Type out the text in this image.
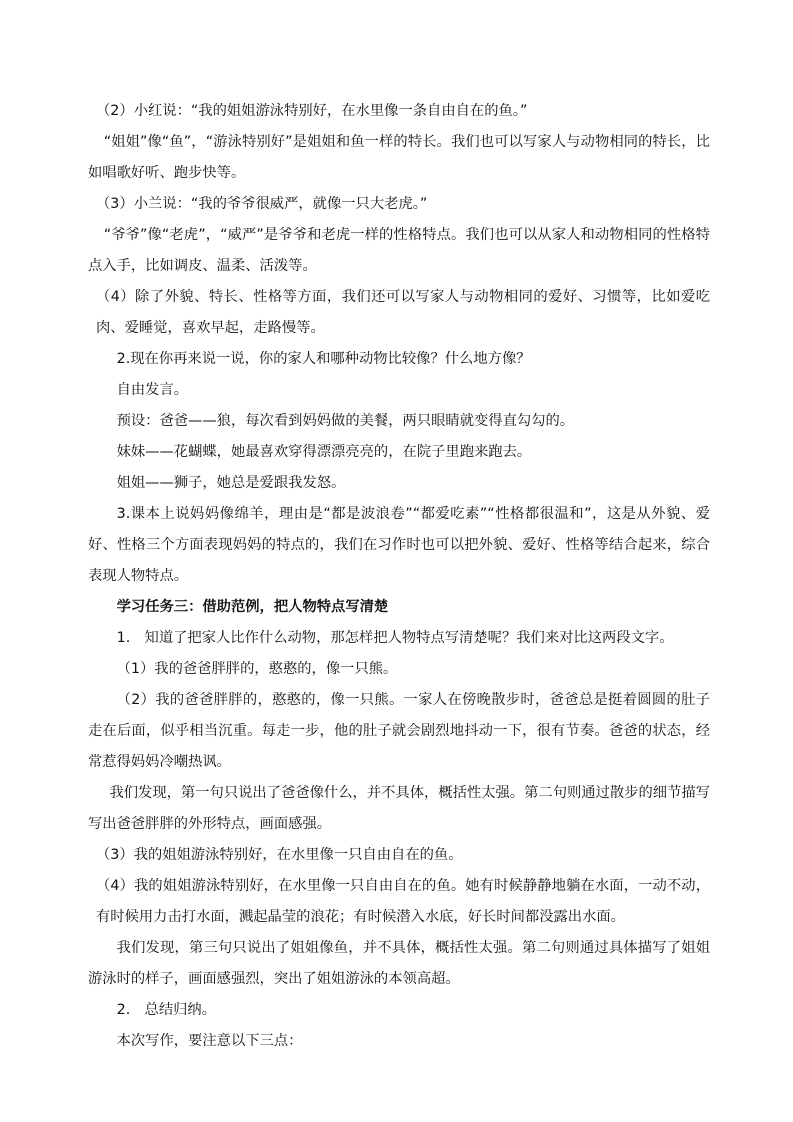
（2）小红说：“我的姐姐游泳特别好，在水里像一条自由自在的鱼。”

“姐姐”像“鱼”，“游泳特别好”是姐姐和鱼一样的特长。我们也可以写家人与动物相同的特长，比如唱歌好听、跑步快等。

（3）小兰说：“我的爷爷很威严，就像一只大老虎。”

“爷爷”像“老虎”，“威严”是爷爷和老虎一样的性格特点。我们也可以从家人和动物相同的性格特点入手，比如调皮、温柔、活泼等。

（4）除了外貌、特长、性格等方面，我们还可以写家人与动物相同的爱好、习惯等，比如爱吃肉、爱睡觉，喜欢早起，走路慢等。

2.现在你再来说一说，你的家人和哪种动物比较像？什么地方像？

自由发言。

预设：爸爸——狼，每次看到妈妈做的美餐，两只眼睛就变得直勾勾的。

妹妹——花蝴蝶，她最喜欢穿得漂漂亮亮的，在院子里跑来跑去。

姐姐——狮子，她总是爱跟我发怒。

3.课本上说妈妈像绵羊，理由是“都是波浪卷”“都爱吃素”“性格都很温和”，这是从外貌、爱好、性格三个方面表现妈妈的特点的，我们在习作时也可以把外貌、爱好、性格等结合起来，综合表现人物特点。

学习任务三：借助范例，把人物特点写清楚

1.　知道了把家人比作什么动物，那怎样把人物特点写清楚呢？我们来对比这两段文字。

（1）我的爸爸胖胖的，憨憨的，像一只熊。

（2）我的爸爸胖胖的，憨憨的，像一只熊。一家人在傍晚散步时，爸爸总是挺着圆圆的肚子走在后面，似乎相当沉重。每走一步，他的肚子就会剧烈地抖动一下，很有节奏。爸爸的状态，经常惹得妈妈冷嘲热讽。

我们发现，第一句只说出了爸爸像什么，并不具体，概括性太强。第二句则通过散步的细节描写写出爸爸胖胖的外形特点，画面感强。

（3）我的姐姐游泳特别好，在水里像一只自由自在的鱼。

（4）我的姐姐游泳特别好，在水里像一只自由自在的鱼。她有时候静静地躺在水面，一动不动，有时候用力击打水面，溅起晶莹的浪花；有时候潜入水底，好长时间都没露出水面。

我们发现，第三句只说出了姐姐像鱼，并不具体，概括性太强。第二句则通过具体描写了姐姐游泳时的样子，画面感强烈，突出了姐姐游泳的本领高超。

2.　总结归纳。

本次写作，要注意以下三点：
